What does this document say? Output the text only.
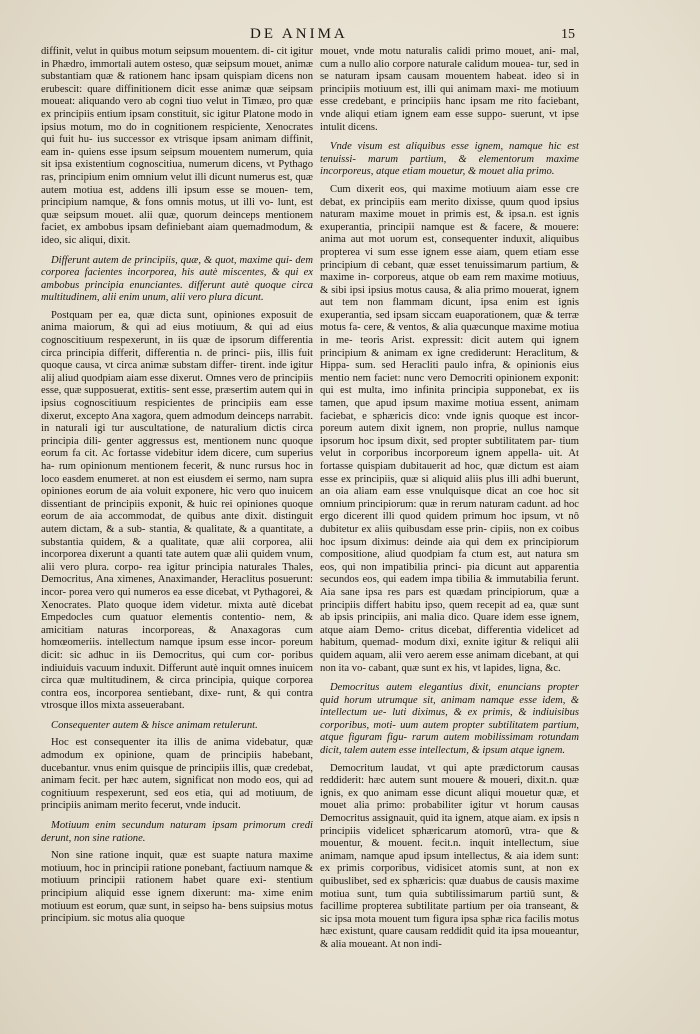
DE ANIMA	15

diffinit, velut in quibus motum seipsum mouentem. di- cit igitur in Phædro, immortali autem osteso, quæ seipsum mouet, animæ substantiam quæ & rationem hanc ipsam quispiam dicens non erubescit: quare diffinitionem dicit esse animæ quæ seipsam moueat: aliquando vero ab cogni tiuo velut in Timæo, pro quæ ex principiis entium ipsam constituit, sic igitur Platone modo in ipsius motum, mo do in cognitionem respiciente, Xenocrates qui fuit hu- ius successor ex vtrisque ipsam animam diffinit, eam in- quiens esse ipsum seipsum mouentem numerum, quia sit ipsa existentium cognoscitiua, numerum dicens, vt Pythago ras, principium enim omnium velut illi dicunt numerus est, quæ autem motiua est, addens illi ipsum esse se mouen- tem, principium namque, & fons omnis motus, ut illi vo- lunt, est quæ seipsum mouet. alii quæ, quorum deinceps mentionem faciet, ex ambobus ipsam definiebant aiam quemadmodum, & ideo, sic aliqui, dixit.

Differunt autem de principiis, quæ, & quot, maxime qui- dem corporea facientes incorporea, his autè miscentes, & qui ex ambobus principia enunciantes. differunt autè quoque circa multitudinem, alii enim unum, alii vero plura dicunt.

Postquam per ea, quæ dicta sunt, opiniones exposuit de anima maiorum, & qui ad eius motiuum, & qui ad eius cognoscitiuum respexerunt, in iis quæ de ipsorum differentia circa principia differit, differentia n. de princi- piis, illis fuit quoque causa, vt circa animæ substam differ- tirent. inde igitur alij aliud quodpiam aiam esse dixerut. Omnes vero de principiis esse, quæ supposuerat, extitis- sent esse, præsertim autem qui in ipsius cognoscitiuum respicientes de principiis eam esse dixerut, excepto Ana xagora, quem admodum deinceps narrabit. in naturali igi tur auscultatione, de naturalium dictis circa principia dili- genter aggressus est, mentionem nunc quoque eorum fa cit. Ac fortasse videbitur idem dicere, cum superius ha- rum opinionum mentionem fecerit, & nunc rursus hoc in loco easdem enumeret. at non est eiusdem ei sermo, nam supra opiniones eorum de aia voluit exponere, hic vero quo inuicem dissentiant de principiis exponit, & huic rei opiniones quoque eorum de aia accommodat, de quibus ante dixit. distinguit autem dictam, & a sub- stantia, & qualitate, & a quantitate, a substantia quidem, & a qualitate, quæ alii corporea, alii incorporea dixerunt a quanti tate autem quæ alii quidem vnum, alii vero plura. corpo- rea igitur principia naturales Thales, Democritus, Ana ximenes, Anaximander, Heraclitus posuerunt: incor- porea vero qui numeros ea esse dicebat, vt Pythagorei, & Xenocrates. Plato quoque idem videtur. mixta autè dicebat Empedocles cum quatuor elementis contentio- nem, & amicitiam naturas incorporeas, & Anaxagoras cum homœomeriis. intellectum namque ipsum esse incor- poreum dicit: sic adhuc in iis Democritus, qui cum cor- poribus indiuiduis vacuum induxit. Differunt autè inquit omnes inuicem circa quæ multitudinem, & circa principia, quique corporea contra eos, incorporea sentiebant, dixe- runt, & qui contra vtrosque illos mixta asseuerabant.

Consequenter autem & hisce animam retulerunt.

Hoc est consequenter ita illis de anima videbatur, quæ admodum ex opinione, quam de principiis habebant, ducebantur. vnus enim quisque de principiis illis, quæ credebat, animam fecit. per hæc autem, significat non modo eos, qui ad cognitiuum respexerunt, sed eos etia, qui ad motiuum, de principiis animam merito fecerut, vnde inducit.

Motiuum enim secundum naturam ipsam primorum credi derunt, non sine ratione.

Non sine ratione inquit, quæ est suapte natura maxime motiuum, hoc in principii ratione ponebant, factiuum namque & motiuum principii rationem habet quare exi- stentium principium aliquid esse ignem dixerunt: ma- xime enim motiuum est eorum, quæ sunt, in seipso ha- bens suipsius motus principium. sic motus alia quoque

mouet, vnde motu naturalis calidi primo mouet, ani- mal, cum a nullo alio corpore naturale calidum mouea- tur, sed in se naturam ipsam causam mouentem habeat. ideo si in principiis motiuum est, illi qui animam maxi- me motiuum esse credebant, e principiis hanc ipsam me rito faciebant, vnde aliqui etiam ignem eam esse suppo- suerunt, vt ipse intulit dicens.

Vnde visum est aliquibus esse ignem, namque hic est tenuissi- marum partium, & elementorum maxime incorporeus, atque etiam mouetur, & mouet alia primo.

Cum dixerit eos, qui maxime motiuum aiam esse cre debat, ex principiis eam merito dixisse, quum quod ipsius naturam maxime mouet in primis est, & ipsa.n. est ignis exuperantia, principii namque est & facere, & mouere: anima aut mot uorum est, consequenter induxit, aliquibus propterea vi sum esse ignem esse aiam, quem etiam esse principium di cebant, quæ esset tenuissimarum partium, & maxime in- corporeus, atque ob eam rem maxime motiuus, & sibi ipsi ipsius motus causa, & alia primo mouerat, ignem aut tem non flammam dicunt, ipsa enim est ignis exuperantia, sed ipsam siccam euaporationem, quæ & terræ motus fa- cere, & ventos, & alia quæcunque maxime motiua in me- teoris Arist. expressit: dicit autem qui ignem principium & animam ex igne crediderunt: Heraclitum, & Hippa- sum. sed Heracliti paulo infra, & opinionis eius mentio nem faciet: nunc vero Democriti opinionem exponit: qui est multa, imo infinita principia supponebat, ex iis tamen, que apud ipsum maxime motiua essent, animam faciebat, e sphæricis dico: vnde ignis quoque est incor- poreum autem dixit ignem, non proprie, nullus namque ipsorum hoc ipsum dixit, sed propter subtilitatem par- tium velut in corporibus incorporeum ignem appella- uit. At fortasse quispiam dubitauerit ad hoc, quæ dictum est aiam esse ex principiis, quæ si aliquid aliis plus illi adhi buerunt, an oia aliam eam esse vnulquisque dicat an coe hoc sit omnium principiorum: quæ in rerum naturam cadunt. ad hoc ergo dicerent illi quod quidem primum hoc ipsum, vt nô dubitetur ex aliis quibusdam esse prin- cipiis, non ex coibus hoc ipsum diximus: deinde aia qui dem ex principiorum compositione, aliud quodpiam fa ctum est, aut natura sm eos, qui non impatibilia princi- pia dicunt aut apparentia secundos eos, qui eadem impa tibilia & immutabilia ferunt. Aia sane ipsa res pars est quædam principiorum, quæ a principiis differt habitu ipso, quem recepit ad ea, quæ sunt ab ipsis principiis, ani malia dico. Quare idem esse ignem, atque aiam Demo- critus dicebat, differentia videlicet ad habitum, quemad- modum dixi, exnite igitur & reliqui alii quidem aquam, alii vero aerem esse animam dicebant, at qui non ita vo- cabant, quæ sunt ex his, vt lapides, ligna, &c.

Democritus autem elegantius dixit, enuncians propter quid horum utrumque sit, animam namque esse idem, & intellectum ue- luti diximus, & ex primis, & indiuisibus corporibus, moti- uum autem propter subtilitatem partium, atque figuram figu- rarum autem mobilissimam rotundam dicit, talem autem esse intellectum, & ipsum atque ignem.

Democritum laudat, vt qui apte prædictorum causas reddiderit: hæc autem sunt mouere & moueri, dixit.n. quæ ignis, ex quo animam esse dicunt aliqui mouetur quæ, et mouet alia primo: probabiliter igitur vt horum causas Democritus assignauit, quid ita ignem, atque aiam. ex ipsis n principiis videlicet sphæricarum atomorû, vtra- que & mouentur, & mouent. fecit.n. inquit intellectum, siue animam, namque apud ipsum intellectus, & aia idem sunt: ex primis corporibus, vidisicet atomis sunt, at non ex quibuslibet, sed ex sphæricis: quæ duabus de causis maxime motiua sunt, tum quia subtilissimarum partiû sunt, & facillime propterea subtilitate partium per oia transeant, & sic ipsa mota mouent tum figura ipsa sphæ rica facilis motus hæc existunt, quare causam reddidit quid ita ipsa moueantur, & alia moueant. At non indi-
